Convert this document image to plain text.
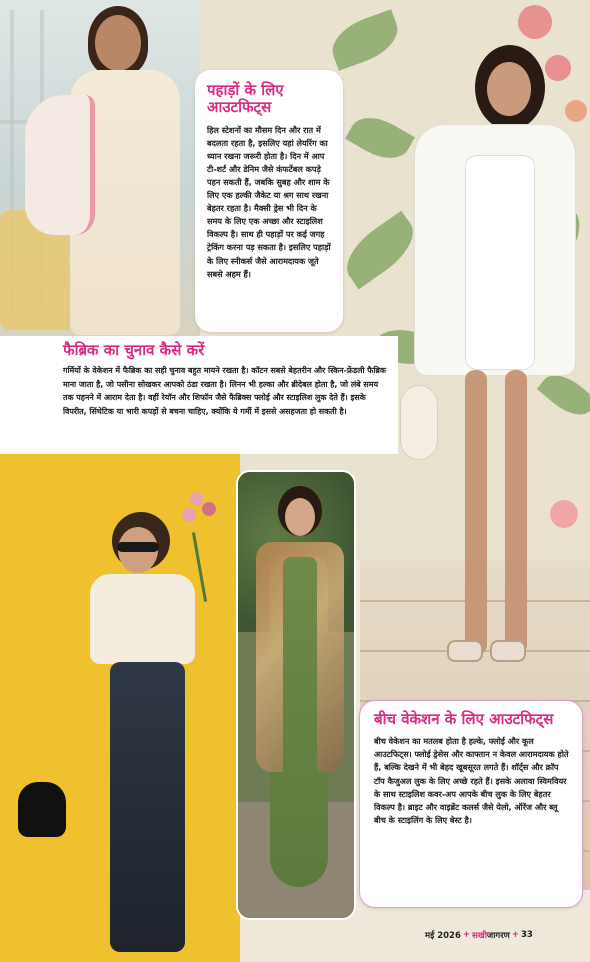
पहाड़ों के लिए आउटफिट्स
हिल स्टेशनों का मौसम दिन और रात में बदलता रहता है, इसलिए यहां लेयरिंग का ध्यान रखना जरूरी होता है। दिन में आप टी-शर्ट और डेनिम जैसे कंफर्टेबल कपड़े पहन सकती हैं, जबकि सुबह और शाम के लिए एक हल्की जैकेट या श्रग साथ रखना बेहतर रहता है। मैक्सी ड्रेस भी दिन के समय के लिए एक अच्छा और स्टाइलिश विकल्प है। साथ ही पहाड़ों पर कई जगह ट्रेकिंग करना पड़ सकता है। इसलिए पहाड़ों के लिए स्नीकर्स जैसे आरामदायक जूते सबसे अहम हैं।
फैब्रिक का चुनाव कैसे करें
गर्मियों के वेकेशन में फैब्रिक का सही चुनाव बहुत मायने रखता है। कॉटन सबसे बेहतरीन और स्किन-फ्रेंडली फैब्रिक माना जाता है, जो पसीना सोखकर आपको ठंडा रखता है। लिनन भी हल्का और ब्रीदेबल होता है, जो लंबे समय तक पहनने में आराम देता है। वहीं रेयॉन और शिफॉन जैसे फैब्रिक्स फ्लोई और स्टाइलिश लुक देते हैं। इसके विपरीत, सिंथेटिक या भारी कपड़ों से बचना चाहिए, क्योंकि ये गर्मी में इससे असहजता हो सकती है।
बीच वेकेशन के लिए आउटफिट्स
बीच वेकेशन का मतलब होता है हल्के, फ्लोई और कूल आउटफिट्स। फ्लोई ड्रेसेस और काफ्तान न केवल आरामदायक होते हैं, बल्कि देखने में भी बेहद खूबसूरत लगते हैं। शॉर्ट्स और क्रॉप टॉप कैजुअल लुक के लिए अच्छे रहते हैं। इसके अलावा स्विमवियर के साथ स्टाइलिश कवर-अप आपके बीच लुक के लिए बेहतर विकल्प है। ब्राइट और वाइब्रेंट कलर्स जैसे येलो, ऑरेंज और ब्लू बीच के स्टाइलिंग के लिए बेस्ट है।
मई 2026 + सखी जागरण + 33
